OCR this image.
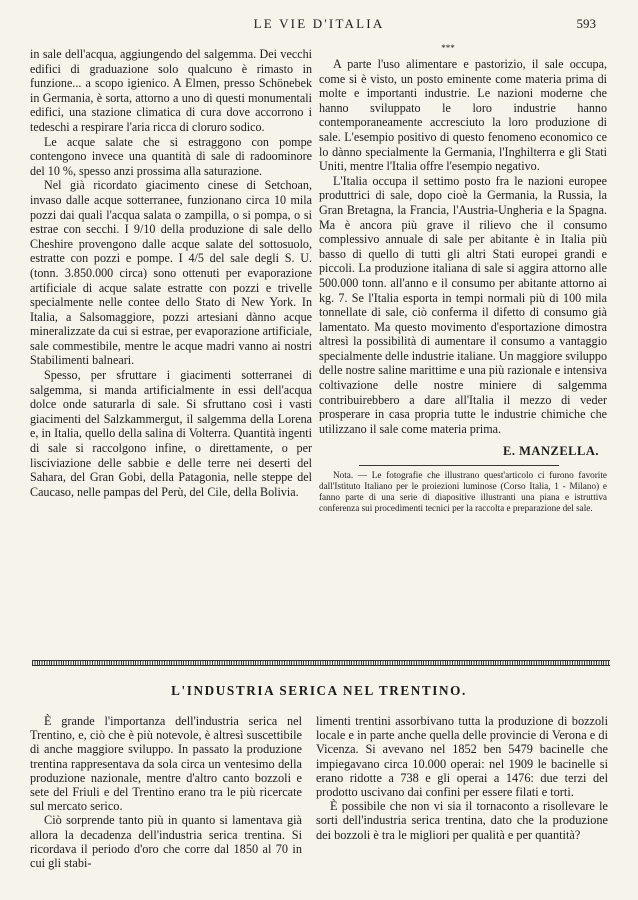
LE VIE D'ITALIA	593

in sale dell'acqua, aggiungendo del salgemma. Dei vecchi edifici di graduazione solo qualcuno è rimasto in funzione... a scopo igienico. A Elmen, presso Schönebek in Germania, è sorta, attorno a uno di questi monumentali edifici, una stazione climatica di cura dove accorrono i tedeschi a respirare l'aria ricca di cloruro sodico.

Le acque salate che si estraggono con pompe contengono invece una quantità di sale di radoominore del 10 %, spesso anzi prossima alla saturazione.

Nel già ricordato giacimento cinese di Setchoan, invaso dalle acque sotterranee, funzionano circa 10 mila pozzi dai quali l'acqua salata o zampilla, o si pompa, o si estrae con secchi. I 9/10 della produzione di sale dello Cheshire provengono dalle acque salate del sottosuolo, estratte con pozzi e pompe. I 4/5 del sale degli S. U. (tonn. 3.850.000 circa) sono ottenuti per evaporazione artificiale di acque salate estratte con pozzi e trivelle specialmente nelle contee dello Stato di New York. In Italia, a Salsomaggiore, pozzi artesiani dànno acque mineralizzate da cui si estrae, per evaporazione artificiale, sale commestibile, mentre le acque madri vanno ai nostri Stabilimenti balneari.

Spesso, per sfruttare i giacimenti sotterranei di salgemma, si manda artificialmente in essi dell'acqua dolce onde saturarla di sale. Si sfruttano così i vasti giacimenti del Salzkammergut, il salgemma della Lorena e, in Italia, quello della salina di Volterra. Quantità ingenti di sale si raccolgono infine, o direttamente, o per lisciviazione delle sabbie e delle terre nei deserti del Sahara, del Gran Gobi, della Patagonia, nelle steppe del Caucaso, nelle pampas del Perù, del Cile, della Bolivia.

***

A parte l'uso alimentare e pastorizio, il sale occupa, come si è visto, un posto eminente come materia prima di molte e importanti industrie. Le nazioni moderne che hanno sviluppato le loro industrie hanno contemporaneamente accresciuto la loro produzione di sale. L'esempio positivo di questo fenomeno economico ce lo dànno specialmente la Germania, l'Inghilterra e gli Stati Uniti, mentre l'Italia offre l'esempio negativo.

L'Italia occupa il settimo posto fra le nazioni europee produttrici di sale, dopo cioè la Germania, la Russia, la Gran Bretagna, la Francia, l'Austria-Ungheria e la Spagna. Ma è ancora più grave il rilievo che il consumo complessivo annuale di sale per abitante è in Italia più basso di quello di tutti gli altri Stati europei grandi e piccoli. La produzione italiana di sale si aggira attorno alle 500.000 tonn. all'anno e il consumo per abitante attorno ai kg. 7. Se l'Italia esporta in tempi normali più di 100 mila tonnellate di sale, ciò conferma il difetto di consumo già lamentato. Ma questo movimento d'esportazione dimostra altresì la possibilità di aumentare il consumo a vantaggio specialmente delle industrie italiane. Un maggiore sviluppo delle nostre saline marittime e una più razionale e intensiva coltivazione delle nostre miniere di salgemma contribuirebbero a dare all'Italia il mezzo di veder prosperare in casa propria tutte le industrie chimiche che utilizzano il sale come materia prima.

E. MANZELLA.
Nota. — Le fotografie che illustrano quest'articolo ci furono favorite dall'Istituto Italiano per le proiezioni luminose (Corso Italia, 1 - Milano) e fanno parte di una serie di diapositive illustranti una piana e istruttiva conferenza sui procedimenti tecnici per la raccolta e preparazione del sale.
L'INDUSTRIA SERICA NEL TRENTINO.

È grande l'importanza dell'industria serica nel Trentino, e, ciò che è più notevole, è altresì suscettibile di anche maggiore sviluppo. In passato la produzione trentina rappresentava da sola circa un ventesimo della produzione nazionale, mentre d'altro canto bozzoli e sete del Friuli e del Trentino erano tra le più ricercate sul mercato serico.

Ciò sorprende tanto più in quanto si lamentava già allora la decadenza dell'industria serica trentina. Si ricordava il periodo d'oro che corre dal 1850 al 70 in cui gli stabi-

limenti trentini assorbivano tutta la produzione di bozzoli locale e in parte anche quella delle provincie di Verona e di Vicenza. Si avevano nel 1852 ben 5479 bacinelle che impiegavano circa 10.000 operai: nel 1909 le bacinelle si erano ridotte a 738 e gli operai a 1476: due terzi del prodotto uscivano dai confini per essere filati e torti.

È possibile che non vi sia il tornaconto a risollevare le sorti dell'industria serica trentina, dato che la produzione dei bozzoli è tra le migliori per qualità e per quantità?
